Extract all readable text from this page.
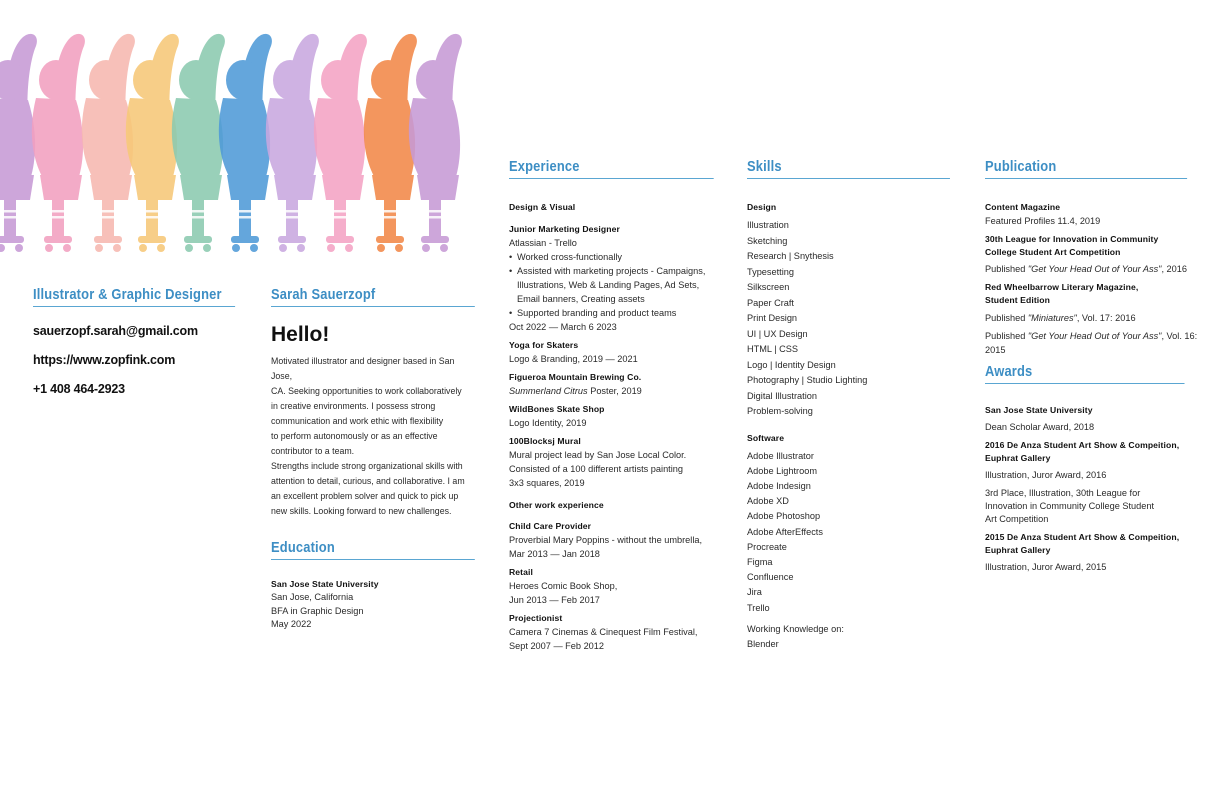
Illustrator & Graphic Designer
sauerzopf.sarah@gmail.com
https://www.zopfink.com
+1 408 464-2923
Sarah Sauerzopf
Hello!
Motivated illustrator and designer based in San Jose,
CA. Seeking opportunities to work collaboratively
in creative environments. I possess strong
communication and work ethic with flexibility
to perform autonomously or as an effective
contributor to a team.
Strengths include strong organizational skills with
attention to detail, curious, and collaborative. I am
an excellent problem solver and quick to pick up
new skills. Looking forward to new challenges.
Education
San Jose State University
San Jose, California
BFA in Graphic Design
May 2022
Experience
Design & Visual
Junior Marketing Designer
Atlassian - Trello
• Worked cross-functionally
• Assisted with marketing projects - Campaigns,
Illustrations, Web & Landing Pages, Ad Sets,
Email banners, Creating assets
• Supported branding and product teams
Oct 2022 — March 6 2023
Yoga for Skaters
Logo & Branding, 2019 — 2021
Figueroa Mountain Brewing Co.
Summerland Citrus Poster, 2019
WildBones Skate Shop
Logo Identity, 2019
100Blocksj Mural
Mural project lead by San Jose Local Color.
Consisted of a 100 different artists painting
3x3 squares, 2019
Other work experience
Child Care Provider
Proverbial Mary Poppins - without the umbrella,
Mar 2013 — Jan 2018
Retail
Heroes Comic Book Shop,
Jun 2013 — Feb 2017
Projectionist
Camera 7 Cinemas & Cinequest Film Festival,
Sept 2007 — Feb 2012
Skills
Design
Illustration
Sketching
Research | Snythesis
Typesetting
Silkscreen
Paper Craft
Print Design
UI | UX Design
HTML | CSS
Logo | Identity Design
Photography | Studio Lighting
Digital Illustration
Problem-solving
Software
Adobe Illustrator
Adobe Lightroom
Adobe Indesign
Adobe XD
Adobe Photoshop
Adobe AfterEffects
Procreate
Figma
Confluence
Jira
Trello
Working Knowledge on:
Blender
Publication
Content Magazine
Featured Profiles 11.4, 2019
30th League for Innovation in Community
College Student Art Competition
Published "Get Your Head Out of Your Ass", 2016
Red Wheelbarrow Literary Magazine,
Student Edition
Published "Miniatures", Vol. 17: 2016
Published "Get Your Head Out of Your Ass", Vol. 16: 2015
Awards
San Jose State University
Dean Scholar Award, 2018
2016 De Anza Student Art Show & Compeition,
Euphrat Gallery
Illustration, Juror Award, 2016
3rd Place, Illustration, 30th League for
Innovation in Community College Student
Art Competition
2015 De Anza Student Art Show & Compeition,
Euphrat Gallery
Illustration, Juror Award, 2015
